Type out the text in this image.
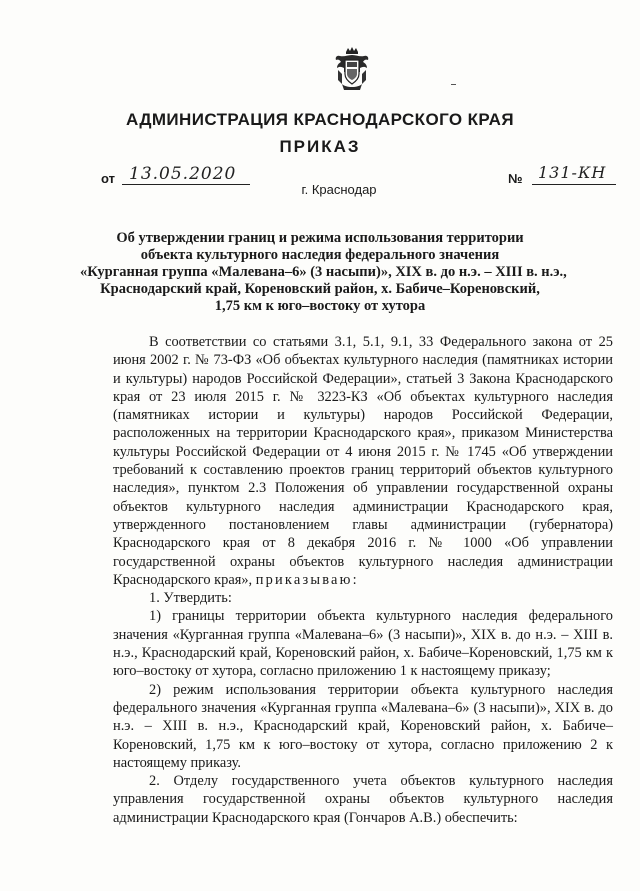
АДМИНИСТРАЦИЯ КРАСНОДАРСКОГО КРАЯ
ПРИКАЗ
от 13.05.2020	№ 131-КН
г. Краснодар
Об утверждении границ и режима использования территории
объекта культурного наследия федерального значения
«Курганная группа «Малевана–6» (3 насыпи)», XIX в. до н.э. – XIII в. н.э.,
Краснодарский край, Кореновский район, х. Бабиче–Кореновский,
1,75 км к юго–востоку от хутора

В соответствии со статьями 3.1, 5.1, 9.1, 33 Федерального закона от 25 июня 2002 г. № 73-ФЗ «Об объектах культурного наследия (памятниках истории и культуры) народов Российской Федерации», статьей 3 Закона Краснодарского края от 23 июля 2015 г. № 3223-КЗ «Об объектах культурного наследия (памятниках истории и культуры) народов Российской Федерации, расположенных на территории Краснодарского края», приказом Министерства культуры Российской Федерации от 4 июня 2015 г. № 1745 «Об утверждении требований к составлению проектов границ территорий объектов культурного наследия», пунктом 2.3 Положения об управлении государственной охраны объектов культурного наследия администрации Краснодарского края, утвержденного постановлением главы администрации (губернатора) Краснодарского края от 8 декабря 2016 г. № 1000 «Об управлении государственной охраны объектов культурного наследия администрации Краснодарского края», приказываю:

1. Утвердить:

1) границы территории объекта культурного наследия федерального значения «Курганная группа «Малевана–6» (3 насыпи)», XIX в. до н.э. – XIII в. н.э., Краснодарский край, Кореновский район, х. Бабиче–Кореновский, 1,75 км к юго–востоку от хутора, согласно приложению 1 к настоящему приказу;

2) режим использования территории объекта культурного наследия федерального значения «Курганная группа «Малевана–6» (3 насыпи)», XIX в. до н.э. – XIII в. н.э., Краснодарский край, Кореновский район, х. Бабиче–Кореновский, 1,75 км к юго–востоку от хутора, согласно приложению 2 к настоящему приказу.

2. Отделу государственного учета объектов культурного наследия управления государственной охраны объектов культурного наследия администрации Краснодарского края (Гончаров А.В.) обеспечить:
